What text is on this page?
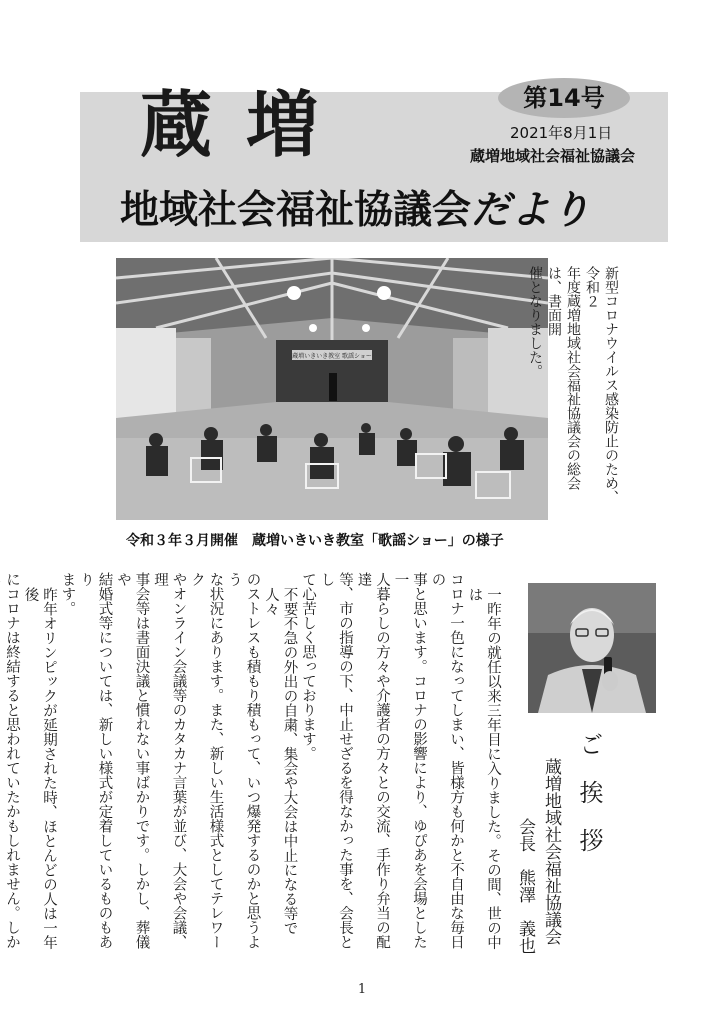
蔵増	第14号
2021年8月1日
蔵増地域社会福祉協議会
地域社会福祉協議会だより
蔵増いきいき教室 歌謡ショー
令和３年３月開催　蔵増いきいき教室「歌謡ショー」の様子

新型コロナウイルス感染防止のため、令和２

年度蔵増地域社会福祉協議会の総会は、書面開

催となりました。

ご挨拶
蔵増地域社会福祉協議会
会長　熊澤　義也

一昨年の就任以来三年目に入りました。その間、世の中は

コロナ一色になってしまい、皆様方も何かと不自由な毎日の

事と思います。コロナの影響により、ゆぴあを会場とした一

人暮らしの方々や介護者の方々との交流、手作り弁当の配達

等、市の指導の下、中止せざるを得なかった事を、会長とし

て心苦しく思っております。

不要不急の外出の自粛、集会や大会は中止になる等で人々

のストレスも積もり積もって、いつ爆発するのかと思うよう

な状況にあります。また、新しい生活様式としてテレワーク

やオンライン会議等のカタカナ言葉が並び、大会や会議、理

事会等は書面決議と慣れない事ばかりです。しかし、葬儀や

結婚式等については、新しい様式が定着しているものもあり

ます。

昨年オリンピックが延期された時、ほとんどの人は一年後

にコロナは終結すると思われていたかもしれません。しか

1
